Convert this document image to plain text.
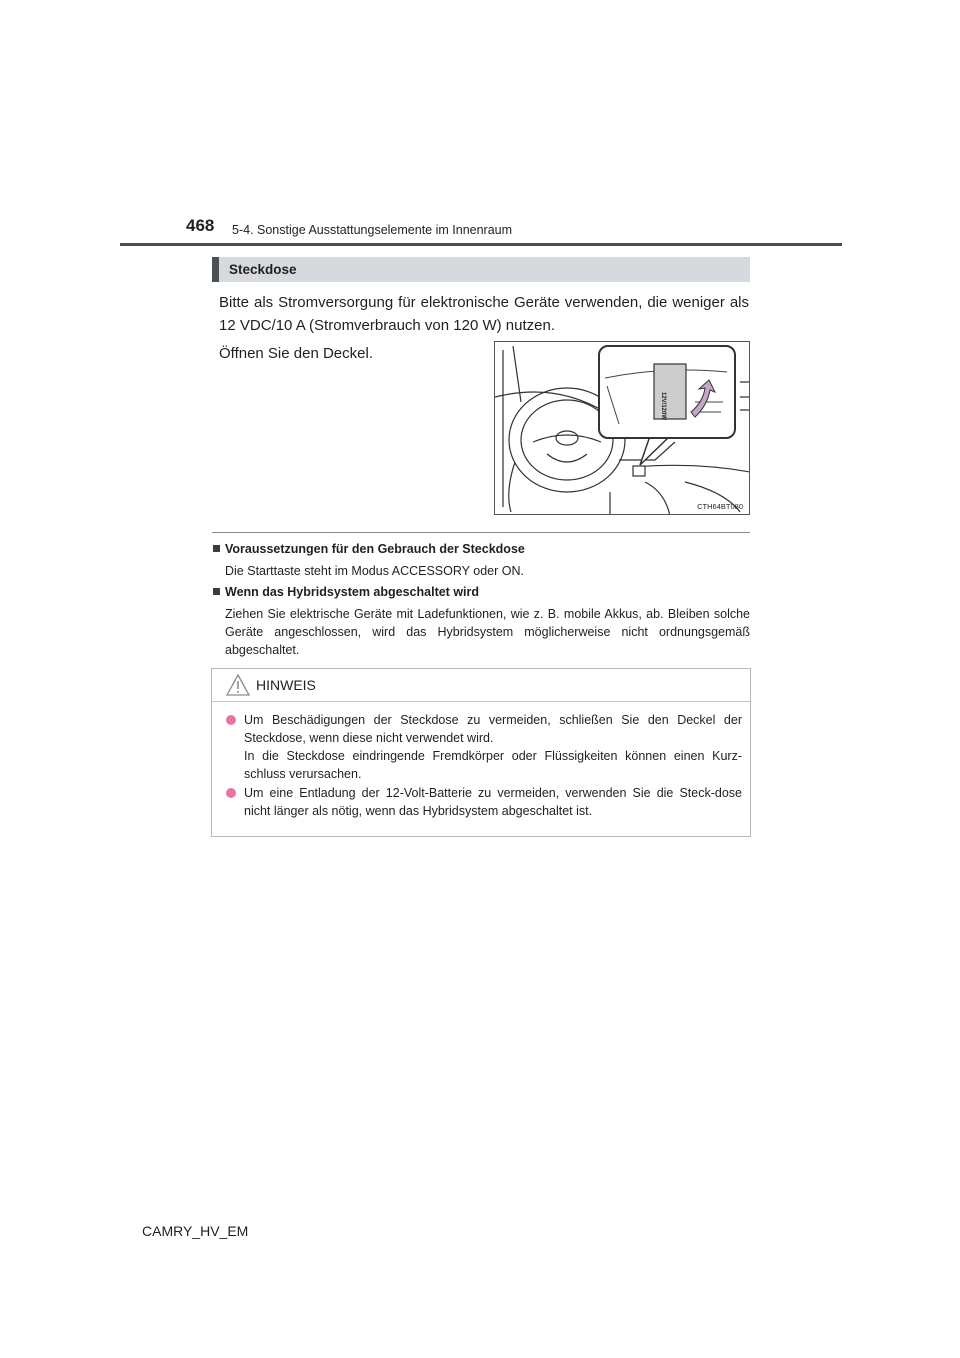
468 5-4. Sonstige Ausstattungselemente im Innenraum
Steckdose

Bitte als Stromversorgung für elektronische Geräte verwenden, die weniger als 12 VDC/10 A (Stromverbrauch von 120 W) nutzen.

Öffnen Sie den Deckel.
12V/120W
CTH64BT080
Voraussetzungen für den Gebrauch der Steckdose
Die Starttaste steht im Modus ACCESSORY oder ON.
Wenn das Hybridsystem abgeschaltet wird
Ziehen Sie elektrische Geräte mit Ladefunktionen, wie z. B. mobile Akkus, ab. Bleiben solche Geräte angeschlossen, wird das Hybridsystem möglicherweise nicht ordnungsgemäß abgeschaltet.
HINWEIS
Um Beschädigungen der Steckdose zu vermeiden, schließen Sie den Deckel der Steckdose, wenn diese nicht verwendet wird.
In die Steckdose eindringende Fremdkörper oder Flüssigkeiten können einen Kurz-schluss verursachen.
Um eine Entladung der 12-Volt-Batterie zu vermeiden, verwenden Sie die Steck-dose nicht länger als nötig, wenn das Hybridsystem abgeschaltet ist.
CAMRY_HV_EM
